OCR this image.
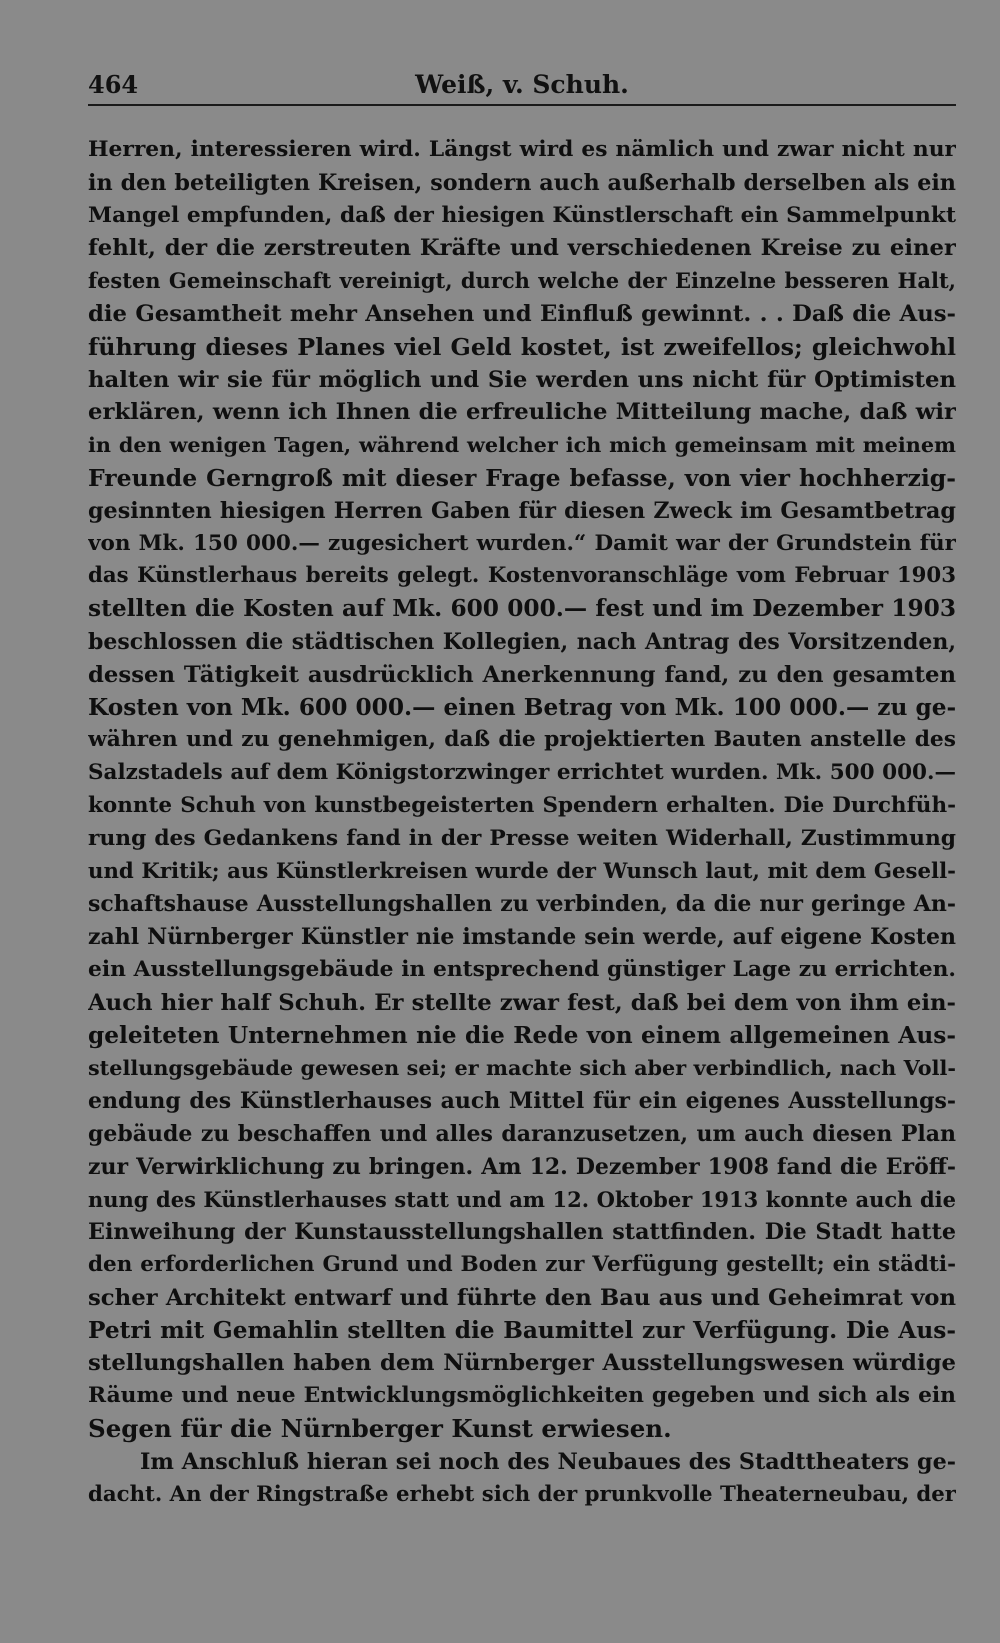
464	Weiß, v. Schuh.
Herren, interessieren wird. Längst wird es nämlich und zwar nicht nur
in den beteiligten Kreisen, sondern auch außerhalb derselben als ein
Mangel empfunden, daß der hiesigen Künstlerschaft ein Sammelpunkt
fehlt, der die zerstreuten Kräfte und verschiedenen Kreise zu einer
festen Gemeinschaft vereinigt, durch welche der Einzelne besseren Halt,
die Gesamtheit mehr Ansehen und Einfluß gewinnt. . . Daß die Aus-
führung dieses Planes viel Geld kostet, ist zweifellos; gleichwohl
halten wir sie für möglich und Sie werden uns nicht für Optimisten
erklären, wenn ich Ihnen die erfreuliche Mitteilung mache, daß wir
in den wenigen Tagen, während welcher ich mich gemeinsam mit meinem
Freunde Gerngroß mit dieser Frage befasse, von vier hochherzig-
gesinnten hiesigen Herren Gaben für diesen Zweck im Gesamtbetrag
von Mk. 150 000.— zugesichert wurden.“ Damit war der Grundstein für
das Künstlerhaus bereits gelegt. Kostenvoranschläge vom Februar 1903
stellten die Kosten auf Mk. 600 000.— fest und im Dezember 1903
beschlossen die städtischen Kollegien, nach Antrag des Vorsitzenden,
dessen Tätigkeit ausdrücklich Anerkennung fand, zu den gesamten
Kosten von Mk. 600 000.— einen Betrag von Mk. 100 000.— zu ge-
währen und zu genehmigen, daß die projektierten Bauten anstelle des
Salzstadels auf dem Königstorzwinger errichtet wurden. Mk. 500 000.—
konnte Schuh von kunstbegeisterten Spendern erhalten. Die Durchfüh-
rung des Gedankens fand in der Presse weiten Widerhall, Zustimmung
und Kritik; aus Künstlerkreisen wurde der Wunsch laut, mit dem Gesell-
schaftshause Ausstellungshallen zu verbinden, da die nur geringe An-
zahl Nürnberger Künstler nie imstande sein werde, auf eigene Kosten
ein Ausstellungsgebäude in entsprechend günstiger Lage zu errichten.
Auch hier half Schuh. Er stellte zwar fest, daß bei dem von ihm ein-
geleiteten Unternehmen nie die Rede von einem allgemeinen Aus-
stellungsgebäude gewesen sei; er machte sich aber verbindlich, nach Voll-
endung des Künstlerhauses auch Mittel für ein eigenes Ausstellungs-
gebäude zu beschaffen und alles daranzusetzen, um auch diesen Plan
zur Verwirklichung zu bringen. Am 12. Dezember 1908 fand die Eröff-
nung des Künstlerhauses statt und am 12. Oktober 1913 konnte auch die
Einweihung der Kunstausstellungshallen stattfinden. Die Stadt hatte
den erforderlichen Grund und Boden zur Verfügung gestellt; ein städti-
scher Architekt entwarf und führte den Bau aus und Geheimrat von
Petri mit Gemahlin stellten die Baumittel zur Verfügung. Die Aus-
stellungshallen haben dem Nürnberger Ausstellungswesen würdige
Räume und neue Entwicklungsmöglichkeiten gegeben und sich als ein
Segen für die Nürnberger Kunst erwiesen.
Im Anschluß hieran sei noch des Neubaues des Stadttheaters ge-
dacht. An der Ringstraße erhebt sich der prunkvolle Theaterneubau, der
